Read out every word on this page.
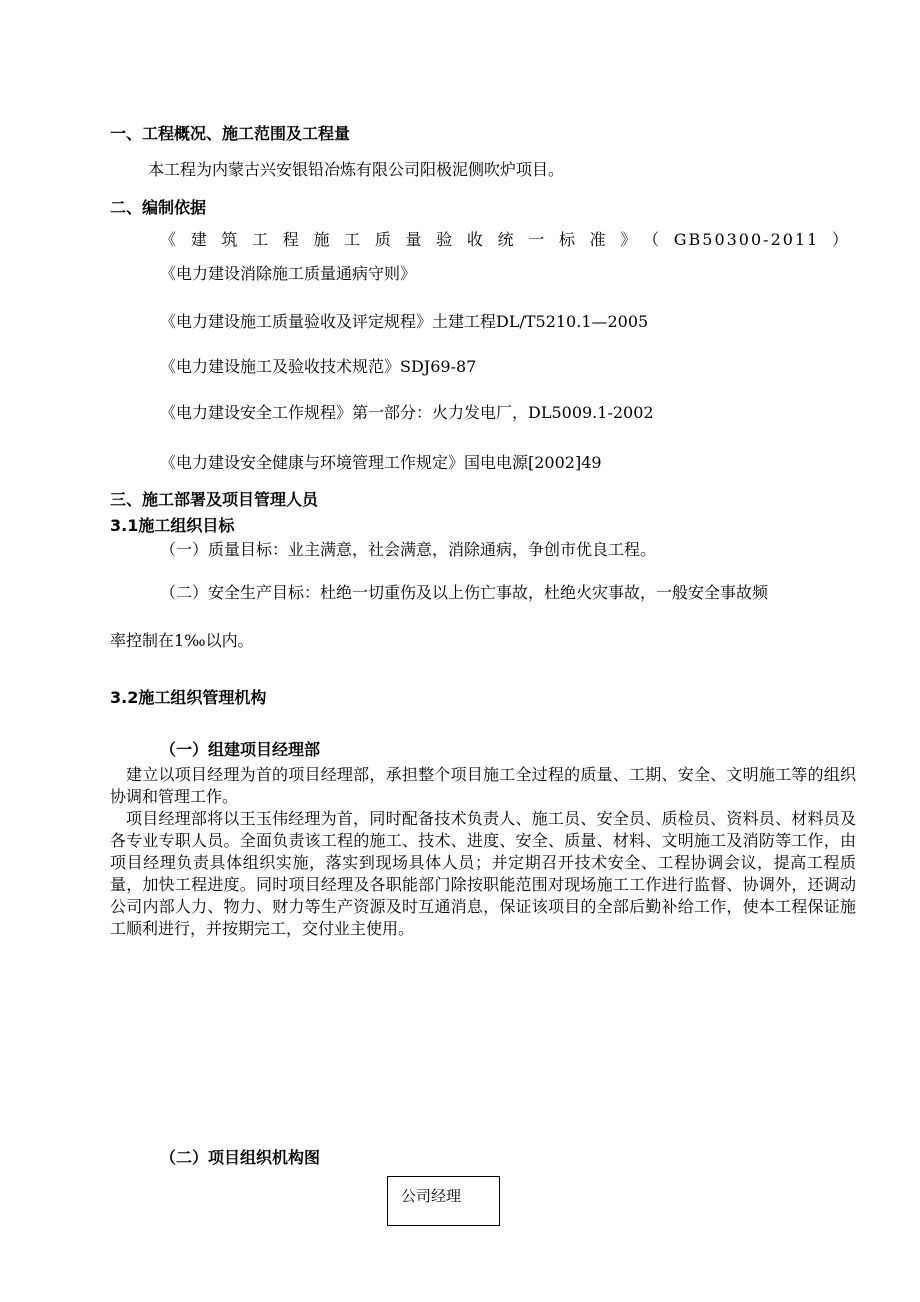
一、工程概况、施工范围及工程量
本工程为内蒙古兴安银铅冶炼有限公司阳极泥侧吹炉项目。
二、编制依据
《建筑工程施工质量验收统一标准》（GB50300-2011）
《电力建设消除施工质量通病守则》
《电力建设施工质量验收及评定规程》土建工程DL/T5210.1—2005
《电力建设施工及验收技术规范》SDJ69-87
《电力建设安全工作规程》第一部分：火力发电厂，DL5009.1-2002
《电力建设安全健康与环境管理工作规定》国电电源[2002]49
三、施工部署及项目管理人员
3.1施工组织目标
（一）质量目标：业主满意，社会满意，消除通病，争创市优良工程。
（二）安全生产目标：杜绝一切重伤及以上伤亡事故，杜绝火灾事故，一般安全事故频
率控制在1‰以内。
3.2施工组织管理机构
（一）组建项目经理部
建立以项目经理为首的项目经理部，承担整个项目施工全过程的质量、工期、安全、文明施工等的组织协调和管理工作。
项目经理部将以王玉伟经理为首，同时配备技术负责人、施工员、安全员、质检员、资料员、材料员及各专业专职人员。全面负责该工程的施工、技术、进度、安全、质量、材料、文明施工及消防等工作，由项目经理负责具体组织实施，落实到现场具体人员；并定期召开技术安全、工程协调会议，提高工程质量，加快工程进度。同时项目经理及各职能部门除按职能范围对现场施工工作进行监督、协调外，还调动公司内部人力、物力、财力等生产资源及时互通消息，保证该项目的全部后勤补给工作，使本工程保证施工顺利进行，并按期完工，交付业主使用。
（二）项目组织机构图
公司经理
